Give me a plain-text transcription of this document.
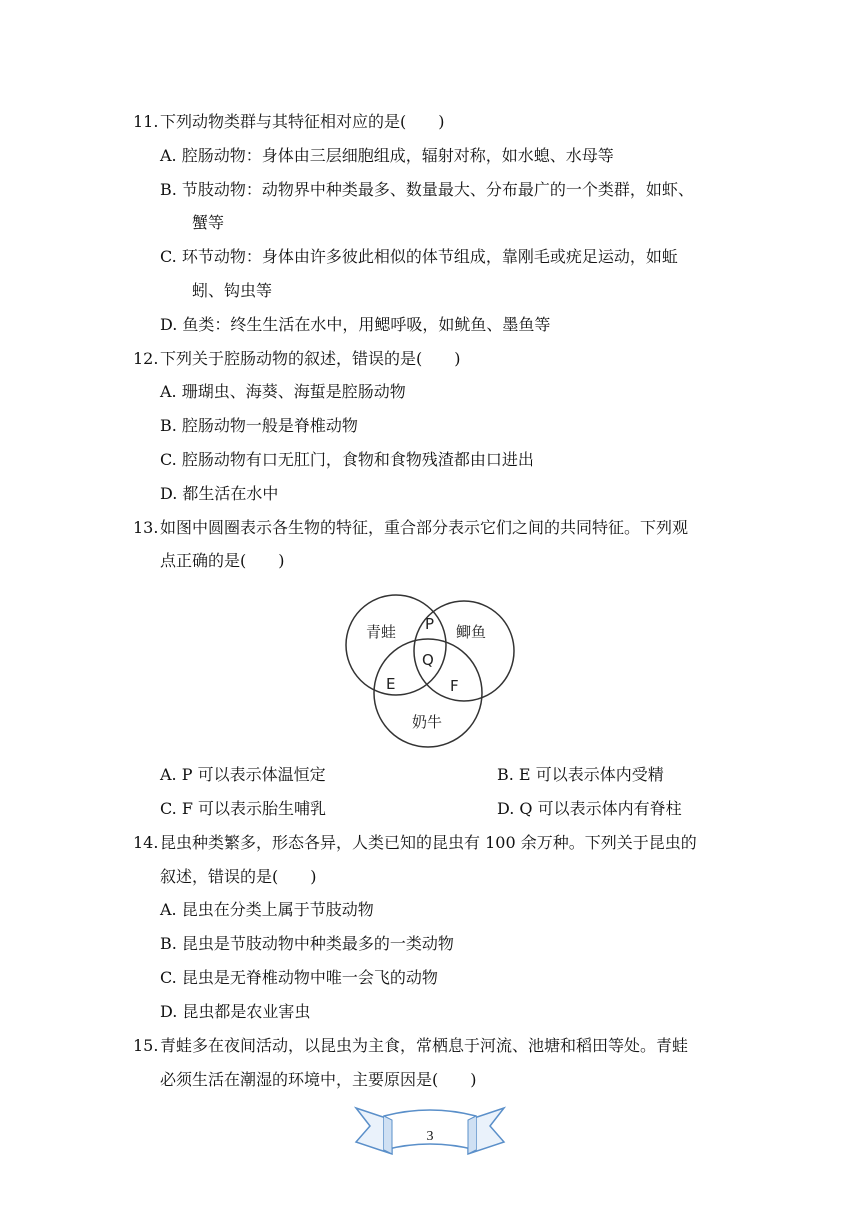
11. 下列动物类群与其特征相对应的是(　　)
A. 腔肠动物：身体由三层细胞组成，辐射对称，如水螅、水母等
B. 节肢动物：动物界中种类最多、数量最大、分布最广的一个类群，如虾、
蟹等
C. 环节动物：身体由许多彼此相似的体节组成，靠刚毛或疣足运动，如蚯
蚓、钩虫等
D. 鱼类：终生生活在水中，用鳃呼吸，如鱿鱼、墨鱼等
12. 下列关于腔肠动物的叙述，错误的是(　　)
A. 珊瑚虫、海葵、海蜇是腔肠动物
B. 腔肠动物一般是脊椎动物
C. 腔肠动物有口无肛门，食物和食物残渣都由口进出
D. 都生活在水中
13. 如图中圆圈表示各生物的特征，重合部分表示它们之间的共同特征。下列观
点正确的是(　　)
青蛙	鲫鱼
奶牛
P
Q
E	F
A. P 可以表示体温恒定	B. E 可以表示体内受精
C. F 可以表示胎生哺乳	D. Q 可以表示体内有脊柱
14. 昆虫种类繁多，形态各异，人类已知的昆虫有 100 余万种。下列关于昆虫的
叙述，错误的是(　　)
A. 昆虫在分类上属于节肢动物
B. 昆虫是节肢动物中种类最多的一类动物
C. 昆虫是无脊椎动物中唯一会飞的动物
D. 昆虫都是农业害虫
15. 青蛙多在夜间活动，以昆虫为主食，常栖息于河流、池塘和稻田等处。青蛙
必须生活在潮湿的环境中，主要原因是(　　)
3
